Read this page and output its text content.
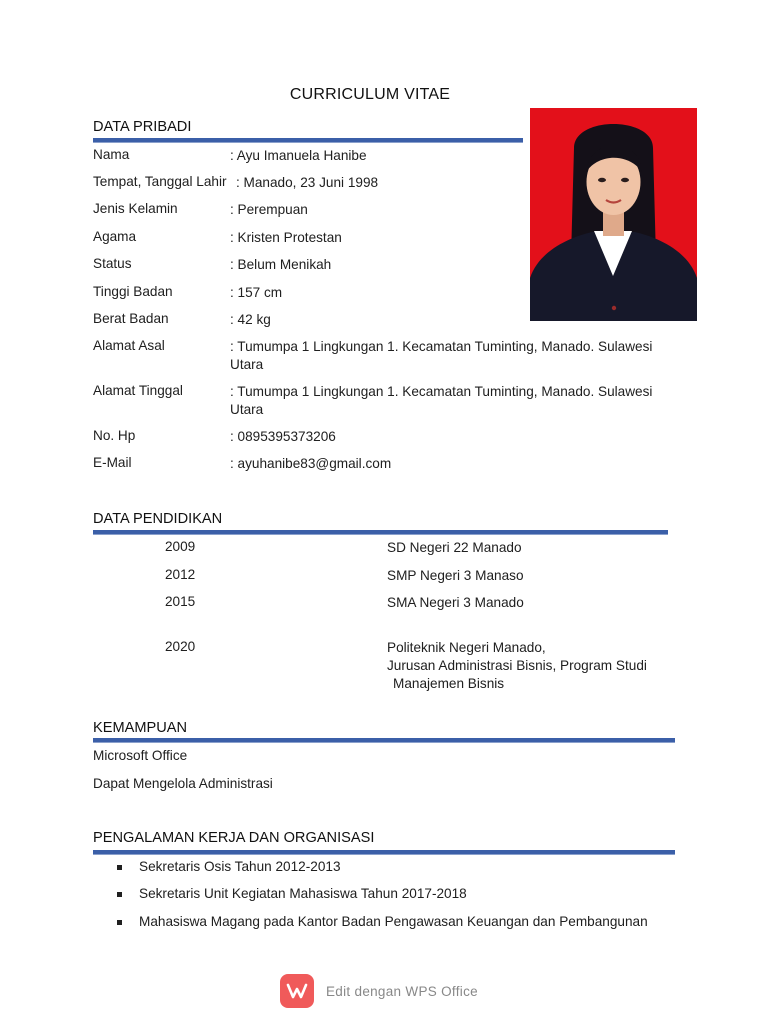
CURRICULUM VITAE
DATA PRIBADI
Nama	: Ayu Imanuela Hanibe
Tempat, Tanggal Lahir : Manado, 23 Juni 1998
Jenis Kelamin	: Perempuan
Agama	: Kristen Protestan
Status	: Belum Menikah
Tinggi Badan	: 157 cm
Berat Badan	: 42 kg
Alamat Asal	: Tumumpa 1 Lingkungan 1. Kecamatan Tuminting, Manado. Sulawesi Utara
Alamat Tinggal	: Tumumpa 1 Lingkungan 1. Kecamatan Tuminting, Manado. Sulawesi Utara
No. Hp	: 0895395373206
E-Mail	: ayuhanibe83@gmail.com
DATA PENDIDIKAN
2009	SD Negeri 22 Manado
2012	SMP Negeri 3 Manaso
2015	SMA Negeri 3 Manado
2020	Politeknik Negeri Manado,
Jurusan Administrasi Bisnis, Program Studi
Manajemen Bisnis
KEMAMPUAN
Microsoft Office
Dapat Mengelola Administrasi
PENGALAMAN KERJA DAN ORGANISASI
Sekretaris Osis Tahun 2012-2013
Sekretaris Unit Kegiatan Mahasiswa Tahun 2017-2018
Mahasiswa Magang pada Kantor Badan Pengawasan Keuangan dan Pembangunan
Edit dengan WPS Office
